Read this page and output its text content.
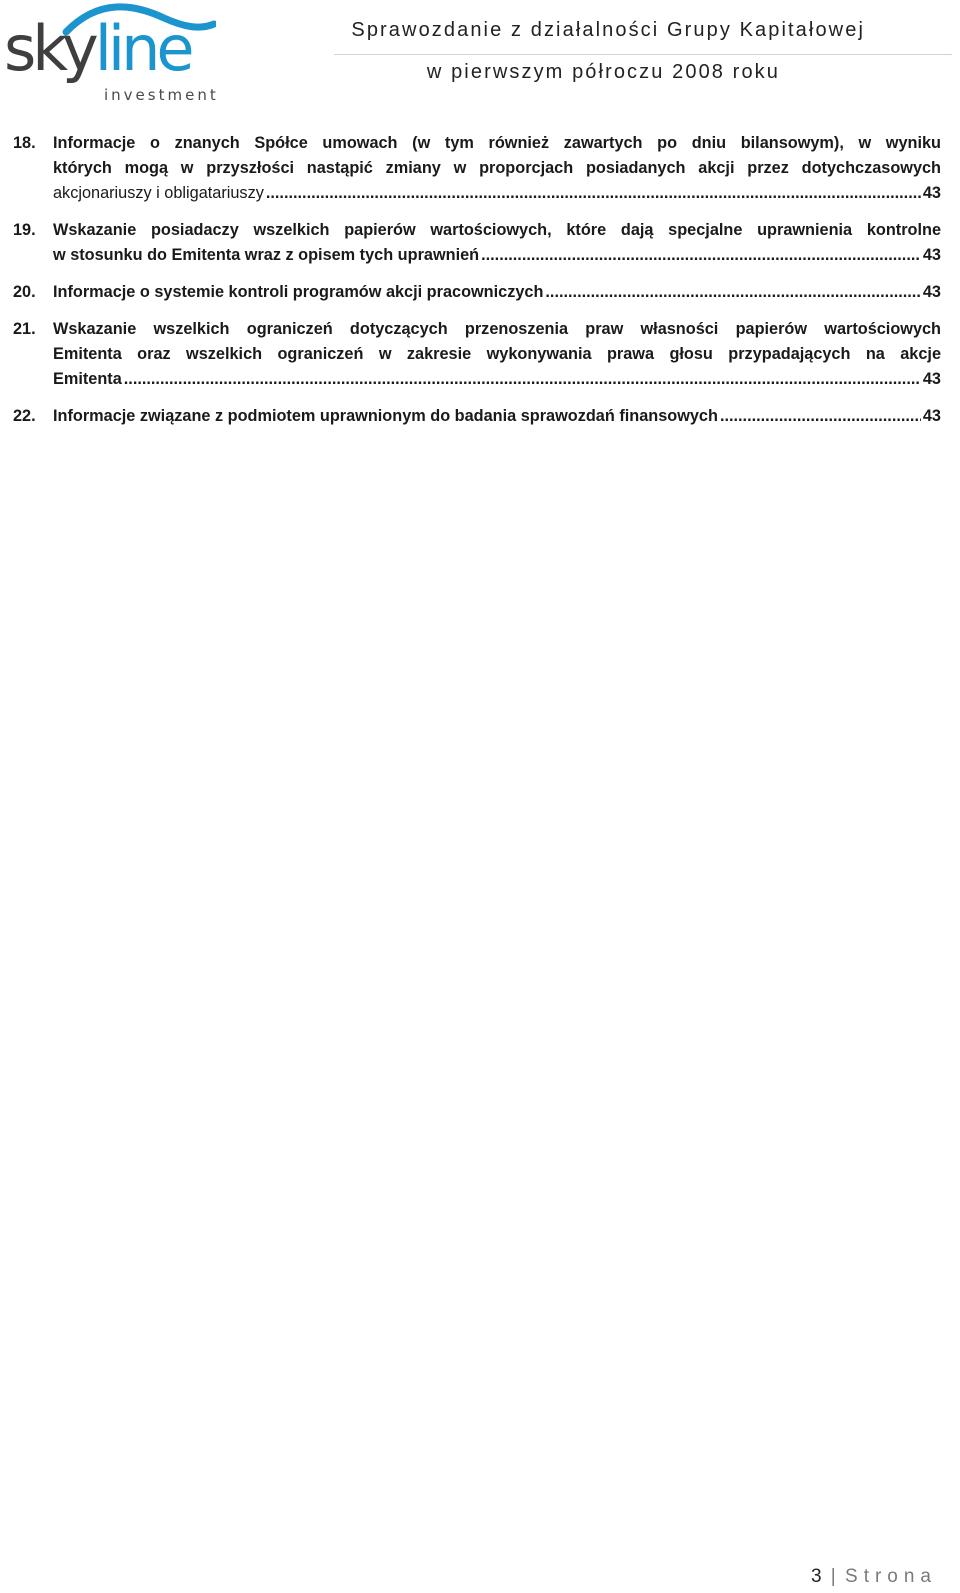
skyline
investment
Sprawozdanie z działalności Grupy Kapitałowej
w pierwszym półroczu 2008 roku
18. Informacje o znanych Spółce umowach (w tym również zawartych po dniu bilansowym), w wyniku
których mogą w przyszłości nastąpić zmiany w proporcjach posiadanych akcji przez dotychczasowych
akcjonariuszy i obligatariuszy .....	43
19. Wskazanie posiadaczy wszelkich papierów wartościowych, które dają specjalne uprawnienia kontrolne
w stosunku do Emitenta wraz z opisem tych uprawnień .....	43
20. Informacje o systemie kontroli programów akcji pracowniczych .....	43
21. Wskazanie wszelkich ograniczeń dotyczących przenoszenia praw własności papierów wartościowych
Emitenta oraz wszelkich ograniczeń w zakresie wykonywania prawa głosu przypadających na akcje
Emitenta .....	43
22. Informacje związane z podmiotem uprawnionym do badania sprawozdań finansowych .....	43
3 | Strona
